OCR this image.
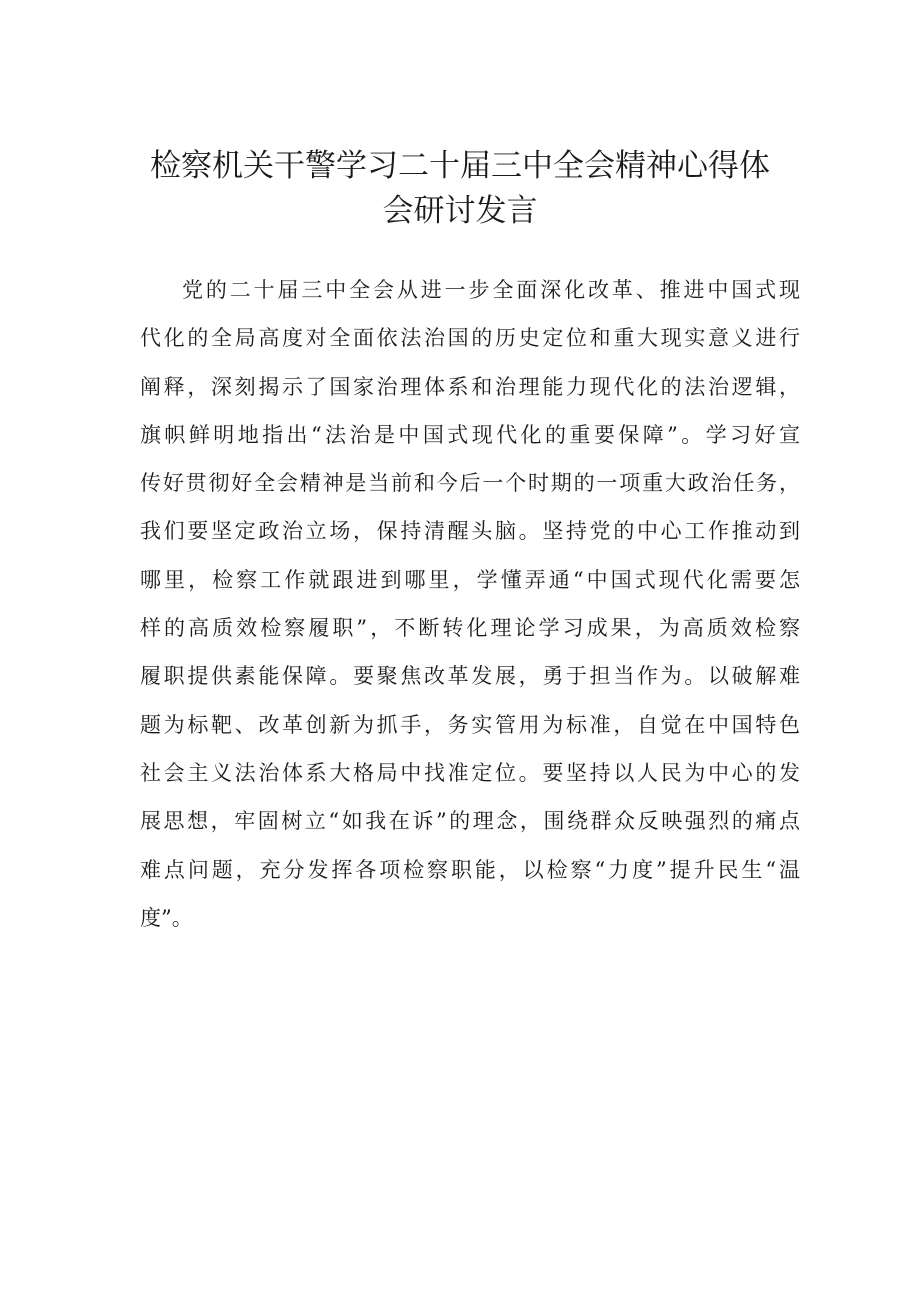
检察机关干警学习二十届三中全会精神心得体
会研讨发言
党的二十届三中全会从进一步全面深化改革、推进中国式现
代化的全局高度对全面依法治国的历史定位和重大现实意义进行
阐释，深刻揭示了国家治理体系和治理能力现代化的法治逻辑，
旗帜鲜明地指出“法治是中国式现代化的重要保障”。学习好宣
传好贯彻好全会精神是当前和今后一个时期的一项重大政治任务，
我们要坚定政治立场，保持清醒头脑。坚持党的中心工作推动到
哪里，检察工作就跟进到哪里，学懂弄通“中国式现代化需要怎
样的高质效检察履职”，不断转化理论学习成果，为高质效检察
履职提供素能保障。要聚焦改革发展，勇于担当作为。以破解难
题为标靶、改革创新为抓手，务实管用为标准，自觉在中国特色
社会主义法治体系大格局中找准定位。要坚持以人民为中心的发
展思想，牢固树立“如我在诉”的理念，围绕群众反映强烈的痛点
难点问题，充分发挥各项检察职能，以检察“力度”提升民生“温
度”。
